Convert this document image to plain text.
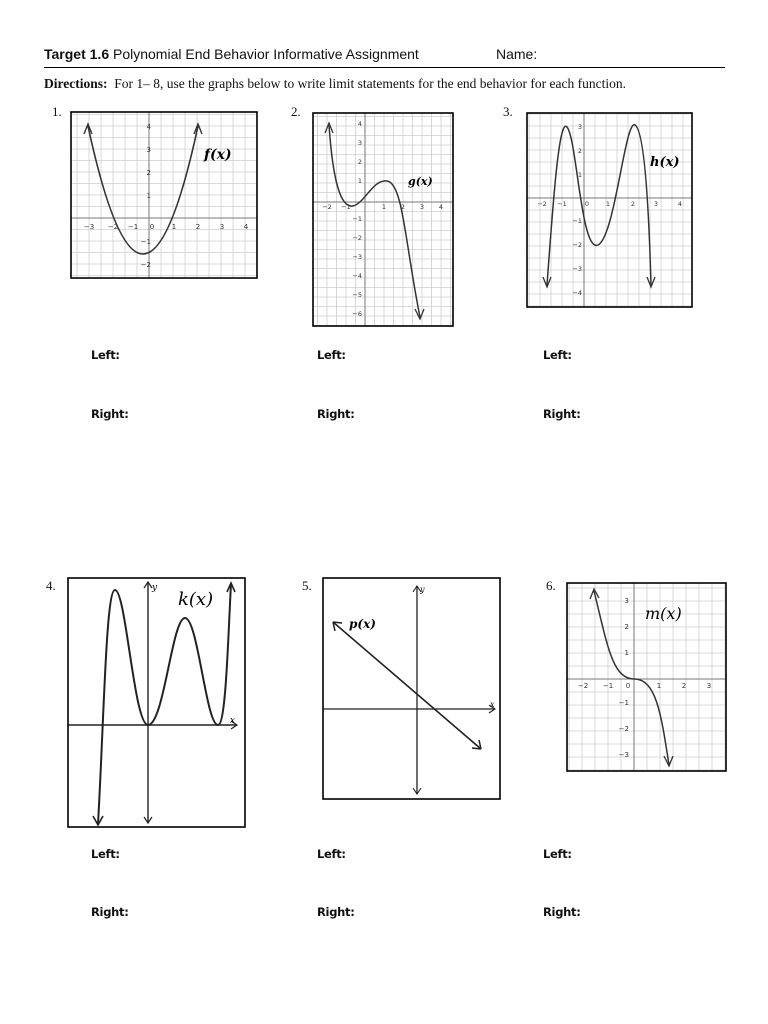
Target 1.6 Polynomial End Behavior Informative Assignment	Name:
Directions: For 1– 8, use the graphs below to write limit statements for the end behavior for each function.
1.	2.	3.
4.	5.	6.
−3 −2 −1 0	1	2	3	4
4
3
2
1
−1
−2
f(x)
−2 −1	1 2 3 4
4
3
2
1
−1
−2
−3
−4
−5
−6
g(x)
−2 −1	0	1	2	3	4
3
2
1
−1
−2
−3
−4
h(x)
y
x
k(x)	y
x
p(x)
−2 −1 0	1	2	3
3
2
1
−1
−2
−3
m(x)
Left:
Right:
Left:
Right:
Left:
Right:
Left:
Right:
Left:
Right:
Left:
Right:
